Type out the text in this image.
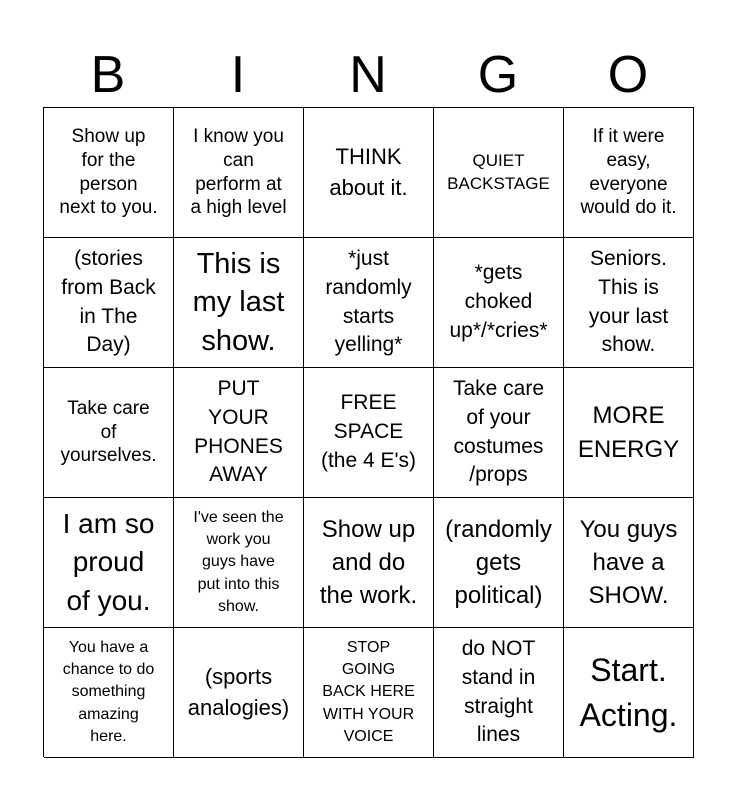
B	I	N	G	O
Show up
for the
person
next to you.
I know you
can
perform at
a high level
THINK
about it.
QUIET
BACKSTAGE
If it were
easy,
everyone
would do it.
(stories
from Back
in The
Day)
This is
my last
show.
*just
randomly
starts
yelling*
*gets
choked
up*/*cries*
Seniors.
This is
your last
show.
Take care
of
yourselves.
PUT
YOUR
PHONES
AWAY
FREE
SPACE
(the 4 E's)
Take care
of your
costumes
/props
MORE
ENERGY
I am so
proud
of you.
I've seen the
work you
guys have
put into this
show.
Show up
and do
the work.
(randomly
gets
political)
You guys
have a
SHOW.
You have a
chance to do
something
amazing
here.
(sports
analogies)
STOP
GOING
BACK HERE
WITH YOUR
VOICE
do NOT
stand in
straight
lines
Start.
Acting.
